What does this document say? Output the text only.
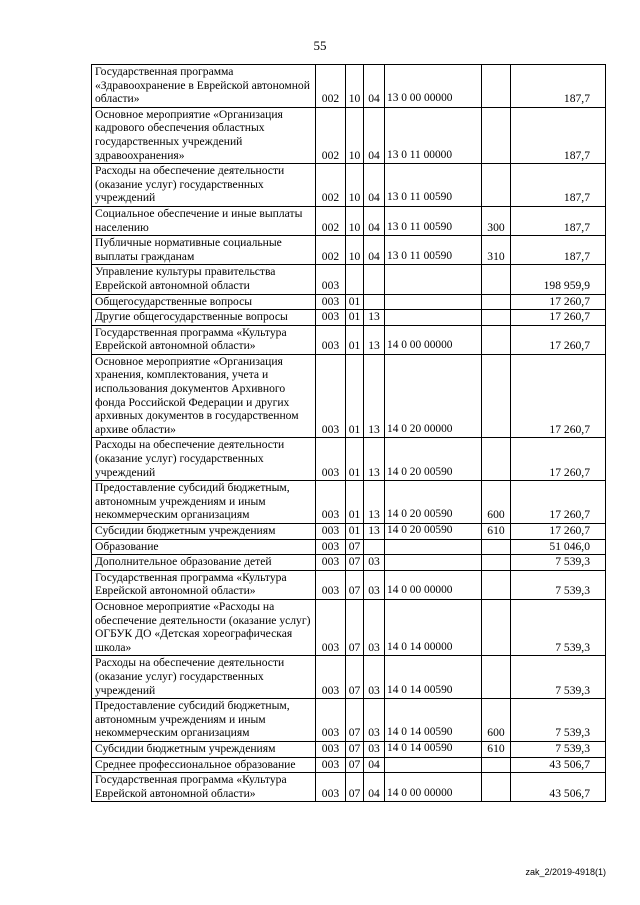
55
Государственная программа «Здравоохранение в Еврейской автономной области»	002	10	04	13 0 00 00000		187,7
Основное мероприятие «Организация кадрового обеспечения областных государственных учреждений здравоохранения»	002	10	04	13 0 11 00000		187,7
Расходы на обеспечение деятельности (оказание услуг) государственных учреждений	002	10	04	13 0 11 00590		187,7
Социальное обеспечение и иные выплаты населению	002	10	04	13 0 11 00590	300	187,7
Публичные нормативные социальные выплаты гражданам	002	10	04	13 0 11 00590	310	187,7
Управление культуры правительства Еврейской автономной области	003					198 959,9
Общегосударственные вопросы	003	01				17 260,7
Другие общегосударственные вопросы	003	01	13			17 260,7
Государственная программа «Культура Еврейской автономной области»	003	01	13	14 0 00 00000		17 260,7
Основное мероприятие «Организация хранения, комплектования, учета и использования документов Архивного фонда Российской Федерации и других архивных документов в государственном архиве области»	003	01	13	14 0 20 00000		17 260,7
Расходы на обеспечение деятельности (оказание услуг) государственных учреждений	003	01	13	14 0 20 00590		17 260,7
Предоставление субсидий бюджетным, автономным учреждениям и иным некоммерческим организациям	003	01	13	14 0 20 00590	600	17 260,7
Субсидии бюджетным учреждениям	003	01	13	14 0 20 00590	610	17 260,7
Образование	003	07				51 046,0
Дополнительное образование детей	003	07	03			7 539,3
Государственная программа «Культура Еврейской автономной области»	003	07	03	14 0 00 00000		7 539,3
Основное мероприятие «Расходы на обеспечение деятельности (оказание услуг) ОГБУК ДО «Детская хореографическая школа»	003	07	03	14 0 14 00000		7 539,3
Расходы на обеспечение деятельности (оказание услуг) государственных учреждений	003	07	03	14 0 14 00590		7 539,3
Предоставление субсидий бюджетным, автономным учреждениям и иным некоммерческим организациям	003	07	03	14 0 14 00590	600	7 539,3
Субсидии бюджетным учреждениям	003	07	03	14 0 14 00590	610	7 539,3
Среднее профессиональное образование	003	07	04			43 506,7
Государственная программа «Культура Еврейской автономной области»	003	07	04	14 0 00 00000		43 506,7
zak_2/2019-4918(1)
